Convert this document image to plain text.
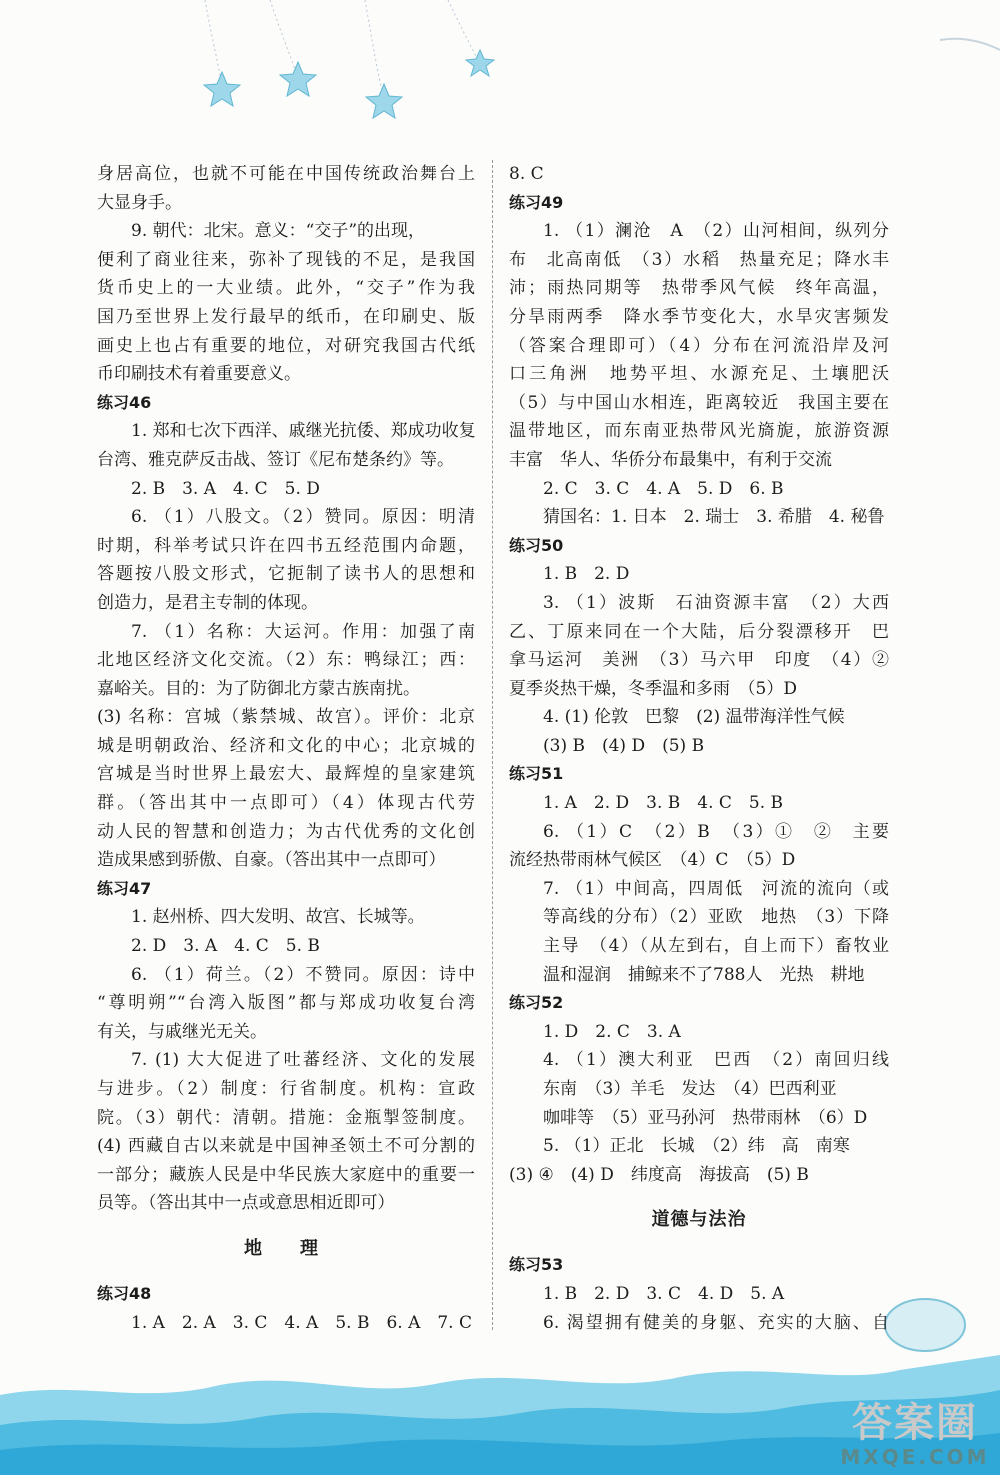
身居高位，也就不可能在中国传统政治舞台上
大显身手。
9. 朝代：北宋。意义：“交子”的出现，
便利了商业往来，弥补了现钱的不足，是我国
货币史上的一大业绩。此外，“交子”作为我
国乃至世界上发行最早的纸币，在印刷史、版
画史上也占有重要的地位，对研究我国古代纸
币印刷技术有着重要意义。
练习46
1. 郑和七次下西洋、戚继光抗倭、郑成功收复
台湾、雅克萨反击战、签订《尼布楚条约》等。
2. B　3. A　4. C　5. D
6. （1）八股文。（2）赞同。原因：明清
时期，科举考试只许在四书五经范围内命题，
答题按八股文形式，它扼制了读书人的思想和
创造力，是君主专制的体现。
7. （1）名称：大运河。作用：加强了南
北地区经济文化交流。（2）东：鸭绿江；西：
嘉峪关。目的：为了防御北方蒙古族南扰。
(3) 名称：宫城（紫禁城、故宫）。评价：北京
城是明朝政治、经济和文化的中心；北京城的
宫城是当时世界上最宏大、最辉煌的皇家建筑
群。（答出其中一点即可）（4）体现古代劳
动人民的智慧和创造力；为古代优秀的文化创
造成果感到骄傲、自豪。（答出其中一点即可）
练习47
1. 赵州桥、四大发明、故宫、长城等。
2. D　3. A　4. C　5. B
6. （1）荷兰。（2）不赞同。原因：诗中
“尊明朔”“台湾入版图”都与郑成功收复台湾
有关，与戚继光无关。
7. (1) 大大促进了吐蕃经济、文化的发展
与进步。（2）制度：行省制度。机构：宣政
院。（3）朝代：清朝。措施：金瓶掣签制度。
(4) 西藏自古以来就是中国神圣领土不可分割的
一部分；藏族人民是中华民族大家庭中的重要一
员等。（答出其中一点或意思相近即可）
地　理
练习48
1. A　2. A　3. C　4. A　5. B　6. A　7. C
8. C
练习49
1. （1）澜沧　A　（2）山河相间，纵列分
布　北高南低　（3）水稻　热量充足；降水丰
沛；雨热同期等　热带季风气候　终年高温，
分旱雨两季　降水季节变化大，水旱灾害频发
（答案合理即可）（4）分布在河流沿岸及河
口三角洲　地势平坦、水源充足、土壤肥沃
（5）与中国山水相连，距离较近　我国主要在
温带地区，而东南亚热带风光旖旎，旅游资源
丰富　华人、华侨分布最集中，有利于交流
2. C　3. C　4. A　5. D　6. B
猜国名：1. 日本　2. 瑞士　3. 希腊　4. 秘鲁
练习50
1. B　2. D
3. （1）波斯　石油资源丰富　（2）大西
乙、丁原来同在一个大陆，后分裂漂移开　巴
拿马运河　美洲　（3）马六甲　印度　（4）②
夏季炎热干燥，冬季温和多雨　（5）D
4. (1) 伦敦　巴黎　(2) 温带海洋性气候
(3) B　(4) D　(5) B
练习51
1. A　2. D　3. B　4. C　5. B
6. （1）C　（2）B　（3）①　②　主要
流经热带雨林气候区　（4）C　（5）D
7. （1）中间高，四周低　河流的流向（或
等高线的分布）（2）亚欧　地热　（3）下降
主导　（4）（从左到右，自上而下）畜牧业
温和湿润　捕鲸来不了788人　光热　耕地
练习52
1. D　2. C　3. A
4. （1）澳大利亚　巴西　（2）南回归线
东南　（3）羊毛　发达　（4）巴西利亚
咖啡等　（5）亚马孙河　热带雨林　（6）D
5. （1）正北　长城　（2）纬　高　南寒
(3) ④　(4) D　纬度高　海拔高　(5) B
道德与法治
练习53
1. B　2. D　3. C　4. D　5. A
6. 渴望拥有健美的身躯、充实的大脑、自
答案圈
MXQE.COM
